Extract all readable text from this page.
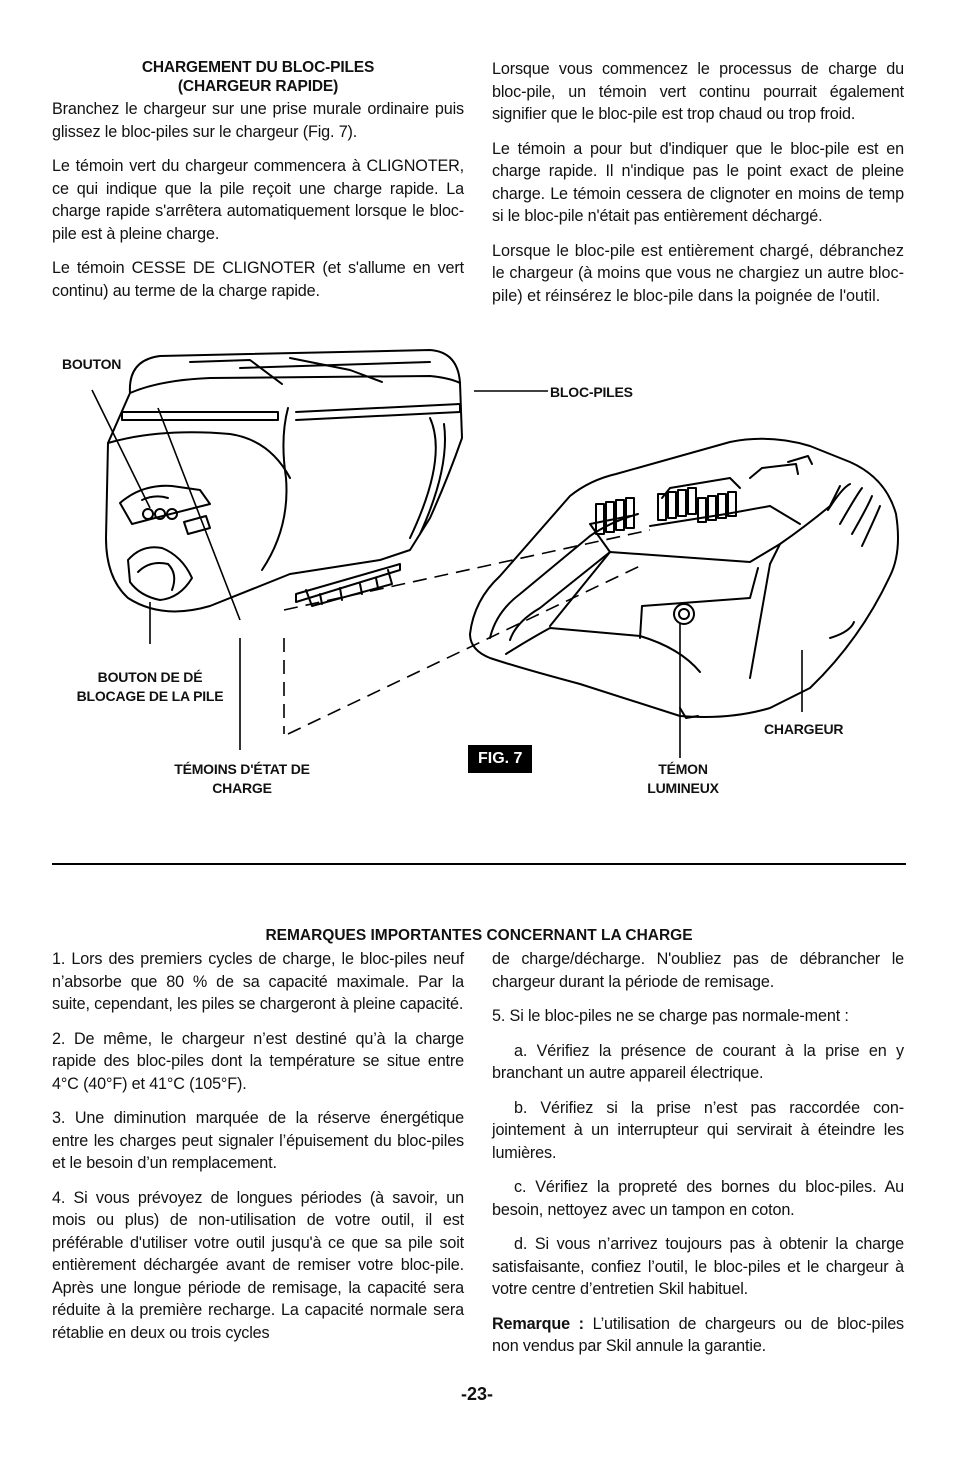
CHARGEMENT DU BLOC-PILES
(CHARGEUR RAPIDE)

Branchez le chargeur sur une prise murale ordinaire puis glissez le bloc-piles sur le chargeur (Fig. 7).

Le témoin vert du chargeur commencera à CLIGNOTER, ce qui indique que la pile reçoit une charge rapide. La charge rapide s'arrêtera automatiquement lorsque le bloc-pile est à pleine charge.

Le témoin CESSE DE CLIGNOTER (et s'allume en vert continu) au terme de la charge rapide.

Lorsque vous commencez le processus de charge du bloc-pile, un témoin vert continu pourrait également signifier que le bloc-pile est trop chaud ou trop froid.

Le témoin a pour but d'indiquer que le bloc-pile est en charge rapide. Il n'indique pas le point exact de pleine charge. Le témoin cessera de clignoter en moins de temp si le bloc-pile n'était pas entièrement déchargé.

Lorsque le bloc-pile est entièrement chargé, débranchez le chargeur (à moins que vous ne chargiez un autre bloc-pile) et réinsérez le bloc-pile dans la poignée de l'outil.

BOUTON
BLOC-PILES
BOUTON DE DÉ
BLOCAGE DE LA PILE
TÉMOINS D'ÉTAT DE
CHARGE
FIG. 7
TÉMON
LUMINEUX
CHARGEUR
REMARQUES IMPORTANTES CONCERNANT LA CHARGE

1. Lors des premiers cycles de charge, le bloc-piles neuf n’absorbe que 80 % de sa capacité maximale. Par la suite, cependant, les piles se chargeront à pleine capacité.

2. De même, le chargeur n’est destiné qu’à la charge rapide des bloc-piles dont la température se situe entre 4°C (40°F) et 41°C (105°F).

3. Une diminution marquée de la réserve énergétique entre les charges peut signaler l’épuisement du bloc-piles et le besoin d’un remplacement.

4. Si vous prévoyez de longues périodes (à savoir, un mois ou plus) de non-utilisation de votre outil, il est préférable d'utiliser votre outil jusqu'à ce que sa pile soit entièrement déchargée avant de remiser votre bloc-pile. Après une longue période de remisage, la capacité sera réduite à la première recharge. La capacité normale sera rétablie en deux ou trois cycles

de charge/décharge. N'oubliez pas de débrancher le chargeur durant la période de remisage.

5. Si le bloc-piles ne se charge pas normale-ment :

a. Vérifiez la présence de courant à la prise en y branchant un autre appareil électrique.

b. Vérifiez si la prise n’est pas raccordée con-jointement à un interrupteur qui servirait à éteindre les lumières.

c. Vérifiez la propreté des bornes du bloc-piles. Au besoin, nettoyez avec un tampon en coton.

d. Si vous n’arrivez toujours pas à obtenir la charge satisfaisante, confiez l’outil, le bloc-piles et le chargeur à votre centre d’entretien Skil habituel.

Remarque : L’utilisation de chargeurs ou de bloc-piles non vendus par Skil annule la garantie.

-23-
